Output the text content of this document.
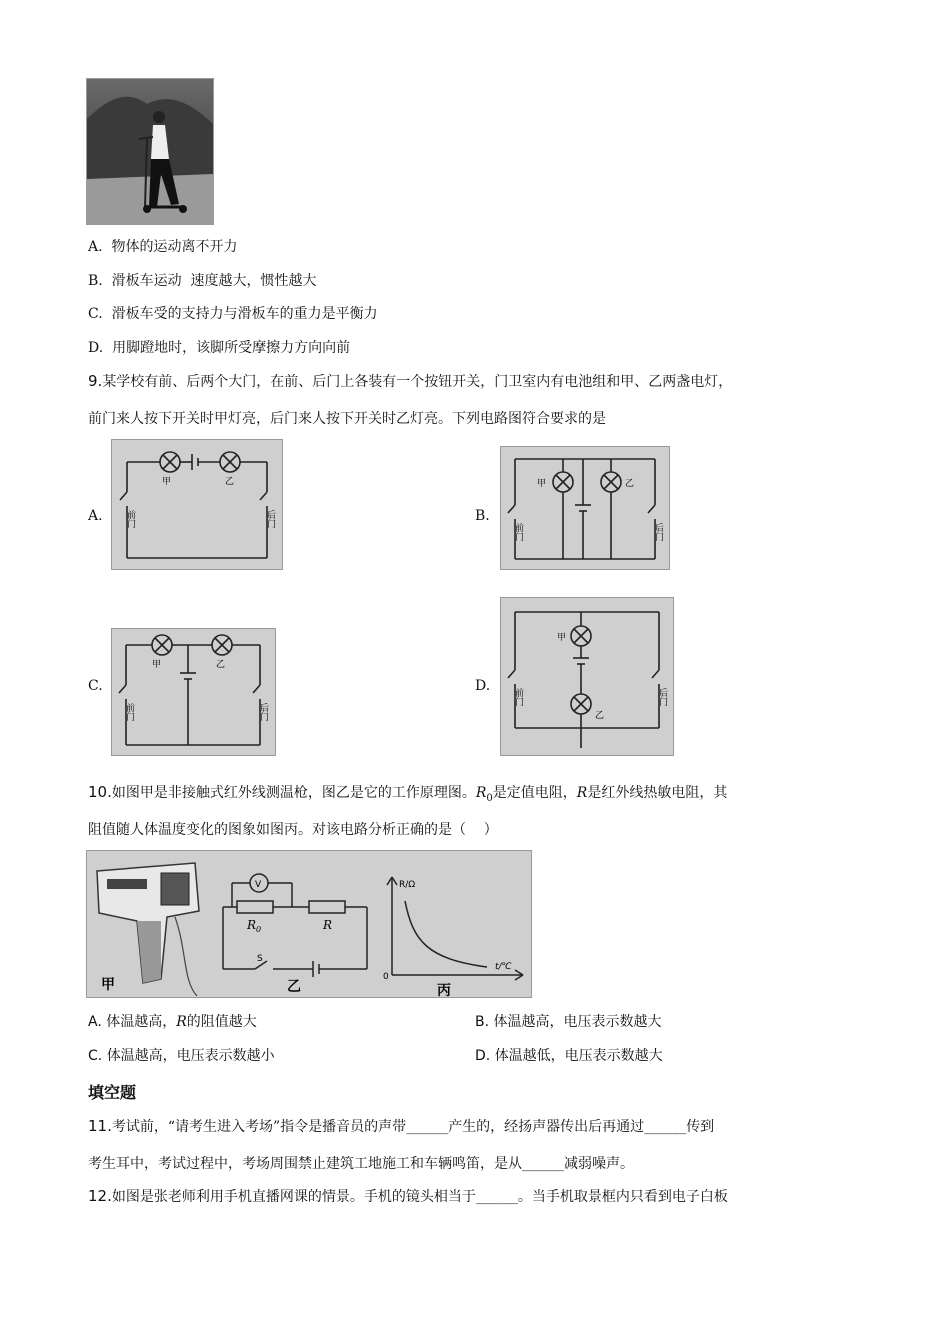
A. 物体的运动离不开力
B. 滑板车运动  速度越大，惯性越大
C. 滑板车受的支持力与滑板车的重力是平衡力
D. 用脚蹬地时，该脚所受摩擦力方向向前
9.某学校有前、后两个大门，在前、后门上各装有一个按钮开关，门卫室内有电池组和甲、乙两盏电灯，
前门来人按下开关时甲灯亮，后门来人按下开关时乙灯亮。下列电路图符合要求的是
A.
甲	乙
前门	后门	B.
甲	乙
前门	后门
C.
甲	乙
前门	后门
D.
甲
乙
前门	后门
10.如图甲是非接触式红外线测温枪，图乙是它的工作原理图。$R_0$是定值电阻，R是红外线热敏电阻，其
阻值随人体温度变化的图象如图丙。对该电路分析正确的是（    ）
甲
V
$R_0$	R
S
乙
R/Ω
t/℃
0
丙
A. 体温越高，R的阻值越大	B. 体温越高，电压表示数越大
C. 体温越高，电压表示数越小	D. 体温越低，电压表示数越大
填空题
11.考试前，“请考生进入考场”指令是播音员的声带______产生的，经扬声器传出后再通过______传到
考生耳中，考试过程中，考场周围禁止建筑工地施工和车辆鸣笛，是从______减弱噪声。
12.如图是张老师利用手机直播网课的情景。手机的镜头相当于______。当手机取景框内只看到电子白板
